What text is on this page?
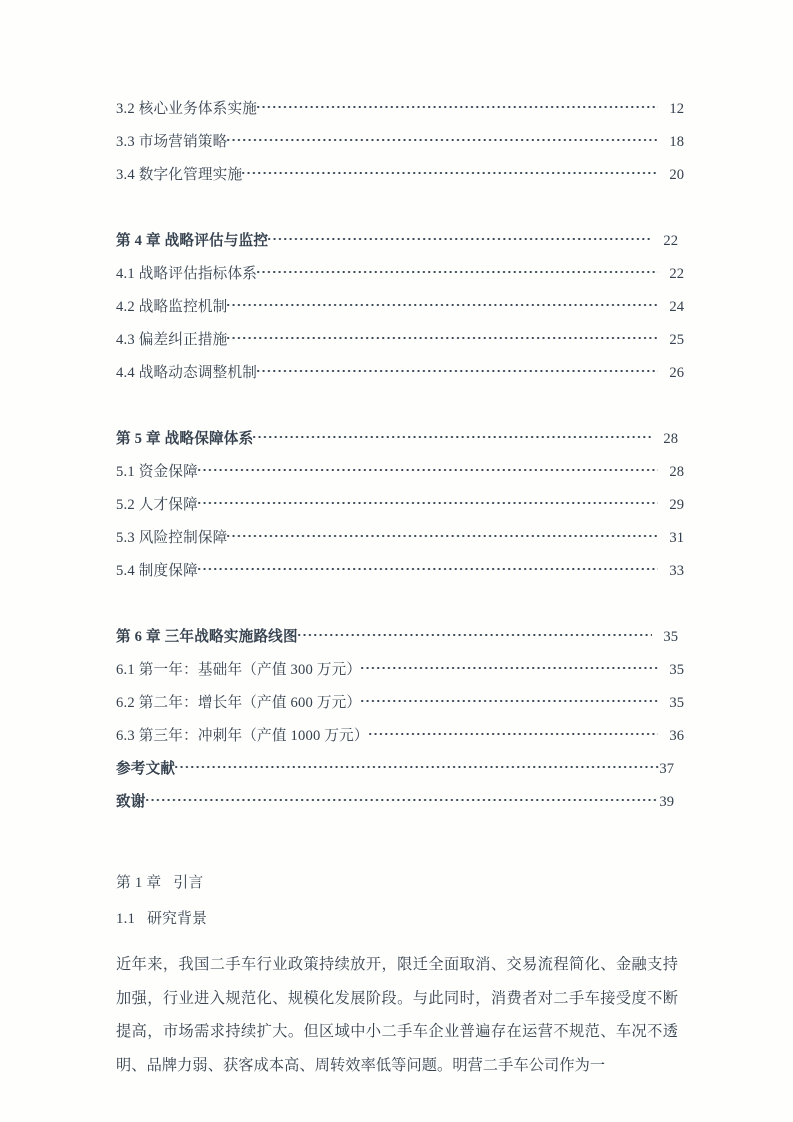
3.2 核心业务体系实施	12
3.3 市场营销策略	18
3.4 数字化管理实施	20
第 4 章 战略评估与监控	22
4.1 战略评估指标体系	22
4.2 战略监控机制	24
4.3 偏差纠正措施	25
4.4 战略动态调整机制	26
第 5 章 战略保障体系	28
5.1 资金保障	28
5.2 人才保障	29
5.3 风险控制保障	31
5.4 制度保障	33
第 6 章 三年战略实施路线图	35
6.1 第一年：基础年（产值 300 万元）	35
6.2 第二年：增长年（产值 600 万元）	35
6.3 第三年：冲刺年（产值 1000 万元）	36
参考文献	37
致谢	39
第 1 章 引言
1.1 研究背景

近年来，我国二手车行业政策持续放开，限迁全面取消、交易流程简化、金融支持加强，行业进入规范化、规模化发展阶段。与此同时，消费者对二手车接受度不断提高，市场需求持续扩大。但区域中小二手车企业普遍存在运营不规范、车况不透明、品牌力弱、获客成本高、周转效率低等问题。明营二手车公司作为一
